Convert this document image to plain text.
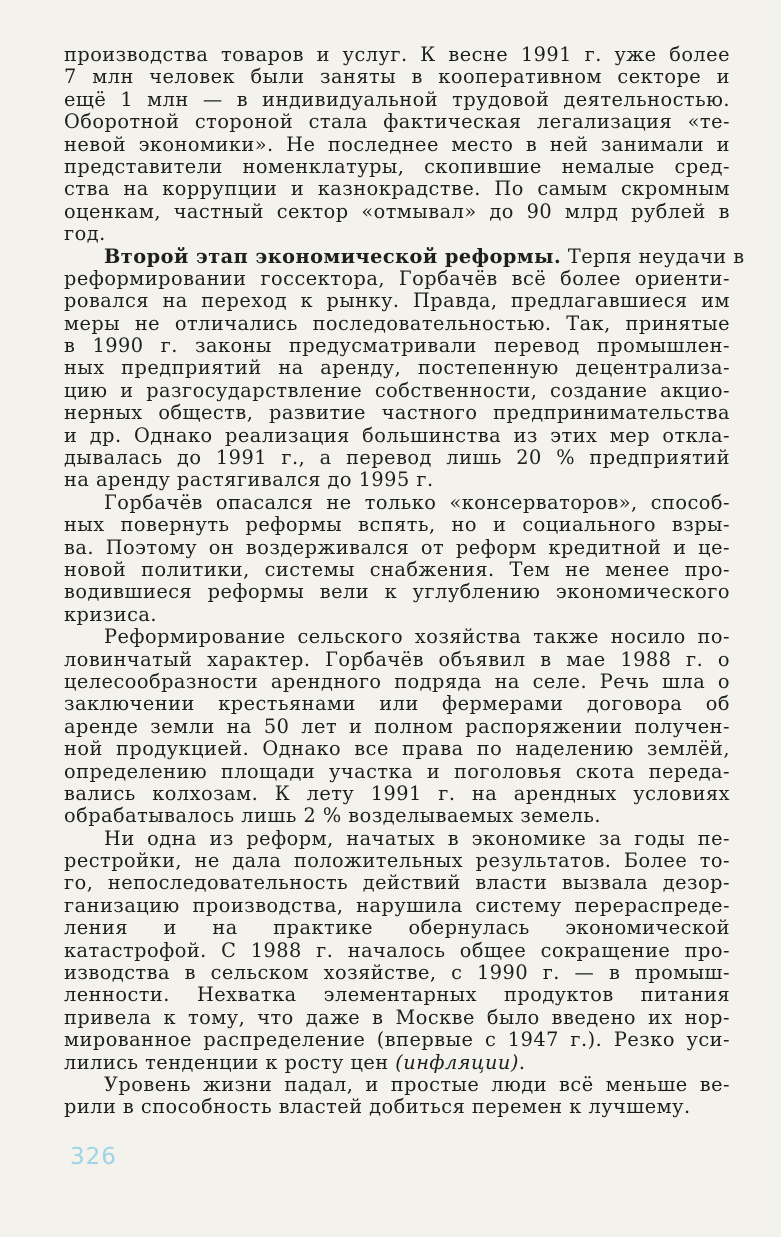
производства товаров и услуг. К весне 1991 г. уже более
7 млн человек были заняты в кооперативном секторе и
ещё 1 млн — в индивидуальной трудовой деятельностью.
Оборотной стороной стала фактическая легализация «те-
невой экономики». Не последнее место в ней занимали и
представители номенклатуры, скопившие немалые сред-
ства на коррупции и казнокрадстве. По самым скромным
оценкам, частный сектор «отмывал» до 90 млрд рублей в
год.
Второй этап экономической реформы. Терпя неудачи в
реформировании госсектора, Горбачёв всё более ориенти-
ровался на переход к рынку. Правда, предлагавшиеся им
меры не отличались последовательностью. Так, принятые
в 1990 г. законы предусматривали перевод промышлен-
ных предприятий на аренду, постепенную децентрализа-
цию и разгосударствление собственности, создание акцио-
нерных обществ, развитие частного предпринимательства
и др. Однако реализация большинства из этих мер откла-
дывалась до 1991 г., а перевод лишь 20 % предприятий
на аренду растягивался до 1995 г.
Горбачёв опасался не только «консерваторов», способ-
ных повернуть реформы вспять, но и социального взры-
ва. Поэтому он воздерживался от реформ кредитной и це-
новой политики, системы снабжения. Тем не менее про-
водившиеся реформы вели к углублению экономического
кризиса.
Реформирование сельского хозяйства также носило по-
ловинчатый характер. Горбачёв объявил в мае 1988 г. о
целесообразности арендного подряда на селе. Речь шла о
заключении крестьянами или фермерами договора об
аренде земли на 50 лет и полном распоряжении получен-
ной продукцией. Однако все права по наделению землёй,
определению площади участка и поголовья скота переда-
вались колхозам. К лету 1991 г. на арендных условиях
обрабатывалось лишь 2 % возделываемых земель.
Ни одна из реформ, начатых в экономике за годы пе-
рестройки, не дала положительных результатов. Более то-
го, непоследовательность действий власти вызвала дезор-
ганизацию производства, нарушила систему перераспреде-
ления и на практике обернулась экономической
катастрофой. С 1988 г. началось общее сокращение про-
изводства в сельском хозяйстве, с 1990 г. — в промыш-
ленности. Нехватка элементарных продуктов питания
привела к тому, что даже в Москве было введено их нор-
мированное распределение (впервые с 1947 г.). Резко уси-
лились тенденции к росту цен (инфляции).
Уровень жизни падал, и простые люди всё меньше ве-
рили в способность властей добиться перемен к лучшему.
326
